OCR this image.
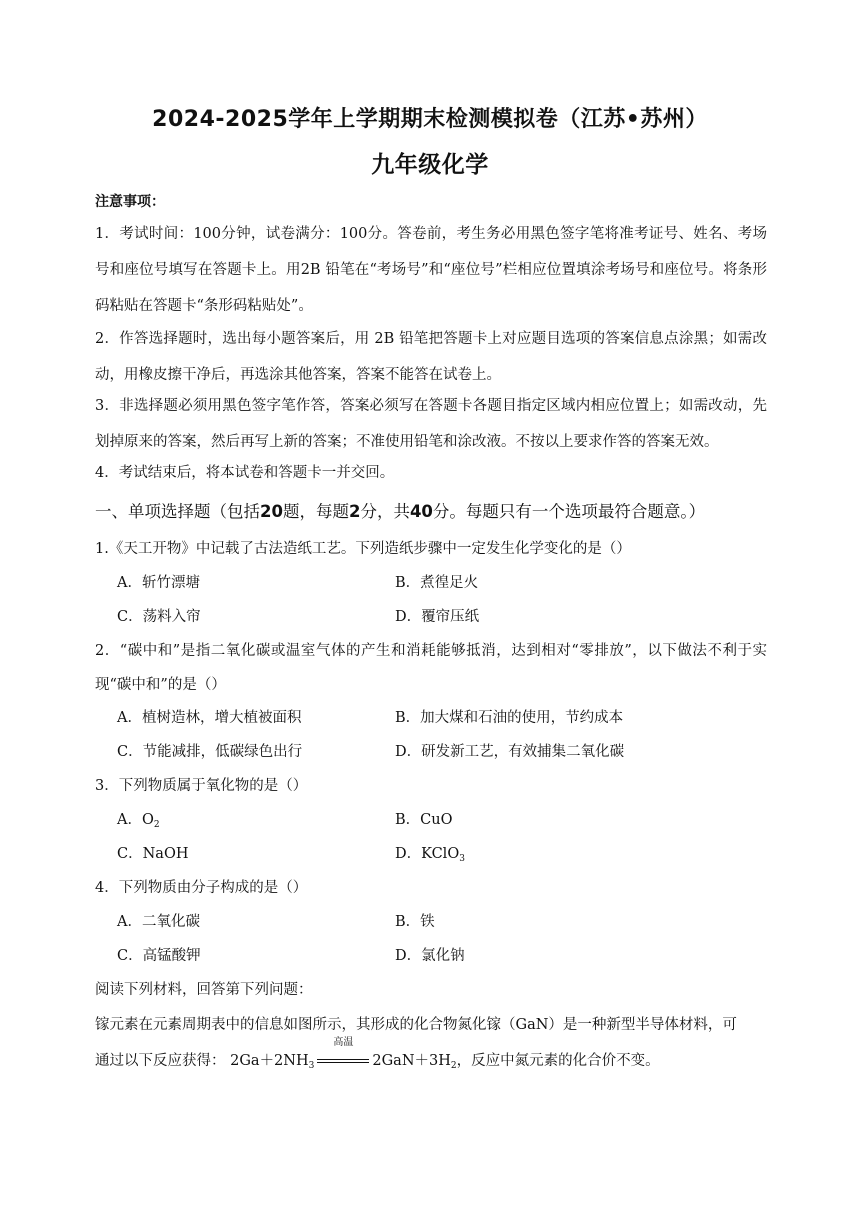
2024-2025学年上学期期末检测模拟卷（江苏•苏州）
九年级化学
注意事项：
1．考试时间：100分钟，试卷满分：100分。答卷前，考生务必用黑色签字笔将准考证号、姓名、考场号和座位号填写在答题卡上。用2B 铅笔在“考场号”和“座位号”栏相应位置填涂考场号和座位号。将条形码粘贴在答题卡“条形码粘贴处”。
2．作答选择题时，选出每小题答案后，用 2B 铅笔把答题卡上对应题目选项的答案信息点涂黑；如需改动，用橡皮擦干净后，再选涂其他答案，答案不能答在试卷上。
3．非选择题必须用黑色签字笔作答，答案必须写在答题卡各题目指定区域内相应位置上；如需改动，先划掉原来的答案，然后再写上新的答案；不准使用铅笔和涂改液。不按以上要求作答的答案无效。
4．考试结束后，将本试卷和答题卡一并交回。
一、单项选择题（包括20题，每题2分，共40分。每题只有一个选项最符合题意。）
1.《天工开物》中记载了古法造纸工艺。下列造纸步骤中一定发生化学变化的是（）
A．斩竹漂塘	B．煮徨足火
C．荡料入帘	D．覆帘压纸
2．“碳中和”是指二氧化碳或温室气体的产生和消耗能够抵消，达到相对“零排放”，以下做法不利于实现“碳中和”的是（）
A．植树造林，增大植被面积	B．加大煤和石油的使用，节约成本
C．节能减排，低碳绿色出行	D．研发新工艺，有效捕集二氧化碳
3．下列物质属于氧化物的是（）
A．$O_2$	B．CuO
C．NaOH	D．KClO$_3$
4．下列物质由分子构成的是（）
A．二氧化碳	B．铁
C．高锰酸钾	D．氯化钠
阅读下列材料，回答第下列问题：
镓元素在元素周期表中的信息如图所示，其形成的化合物氮化镓（GaN）是一种新型半导体材料，可
通过以下反应获得： $2Ga+2NH_3$
高温
$2GaN+3H_2$，反应中氮元素的化合价不变。
